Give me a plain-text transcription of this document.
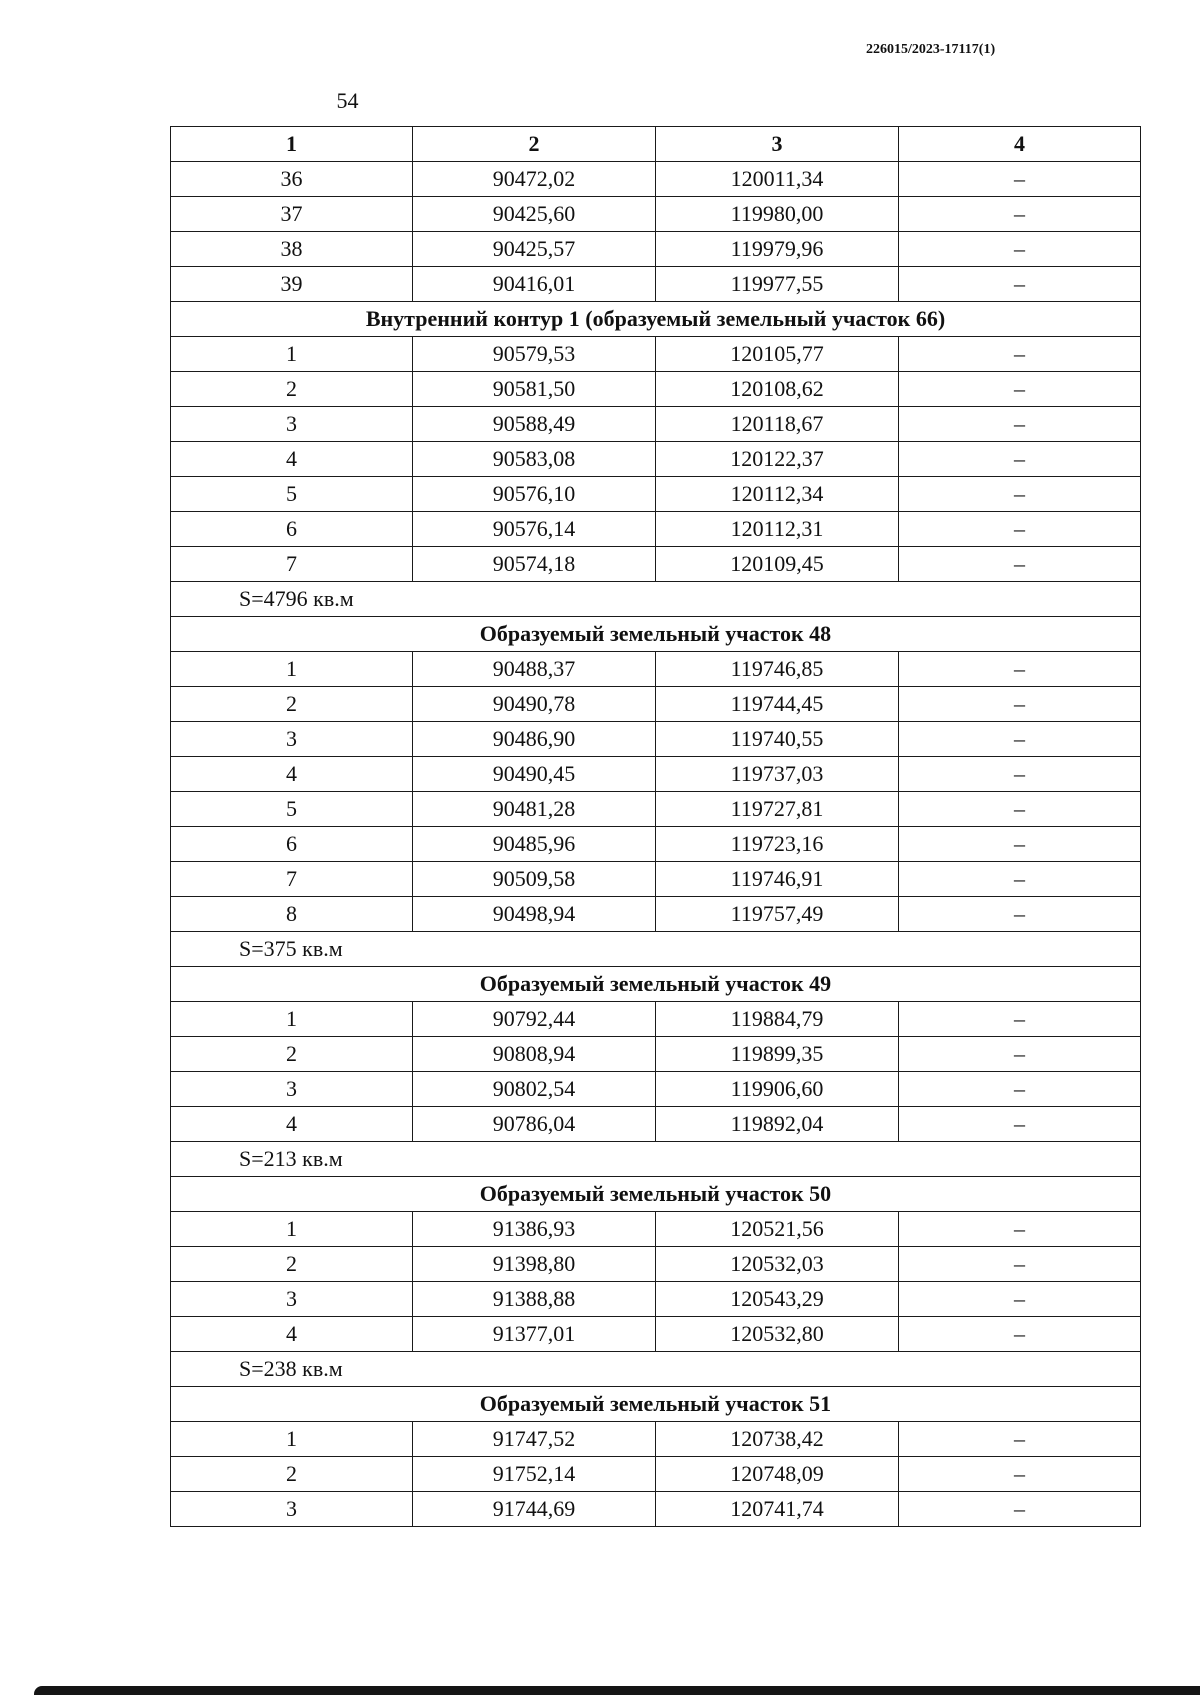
226015/2023-17117(1)
54
1	2	3	4
36	90472,02	120011,34	–
37	90425,60	119980,00	–
38	90425,57	119979,96	–
39	90416,01	119977,55	–
Внутренний контур 1 (образуемый земельный участок 66)			
1	90579,53	120105,77	–
2	90581,50	120108,62	–
3	90588,49	120118,67	–
4	90583,08	120122,37	–
5	90576,10	120112,34	–
6	90576,14	120112,31	–
7	90574,18	120109,45	–
S=4796 кв.м			
Образуемый земельный участок 48			
1	90488,37	119746,85	–
2	90490,78	119744,45	–
3	90486,90	119740,55	–
4	90490,45	119737,03	–
5	90481,28	119727,81	–
6	90485,96	119723,16	–
7	90509,58	119746,91	–
8	90498,94	119757,49	–
S=375 кв.м			
Образуемый земельный участок 49			
1	90792,44	119884,79	–
2	90808,94	119899,35	–
3	90802,54	119906,60	–
4	90786,04	119892,04	–
S=213 кв.м			
Образуемый земельный участок 50			
1	91386,93	120521,56	–
2	91398,80	120532,03	–
3	91388,88	120543,29	–
4	91377,01	120532,80	–
S=238 кв.м			
Образуемый земельный участок 51			
1	91747,52	120738,42	–
2	91752,14	120748,09	–
3	91744,69	120741,74	–
